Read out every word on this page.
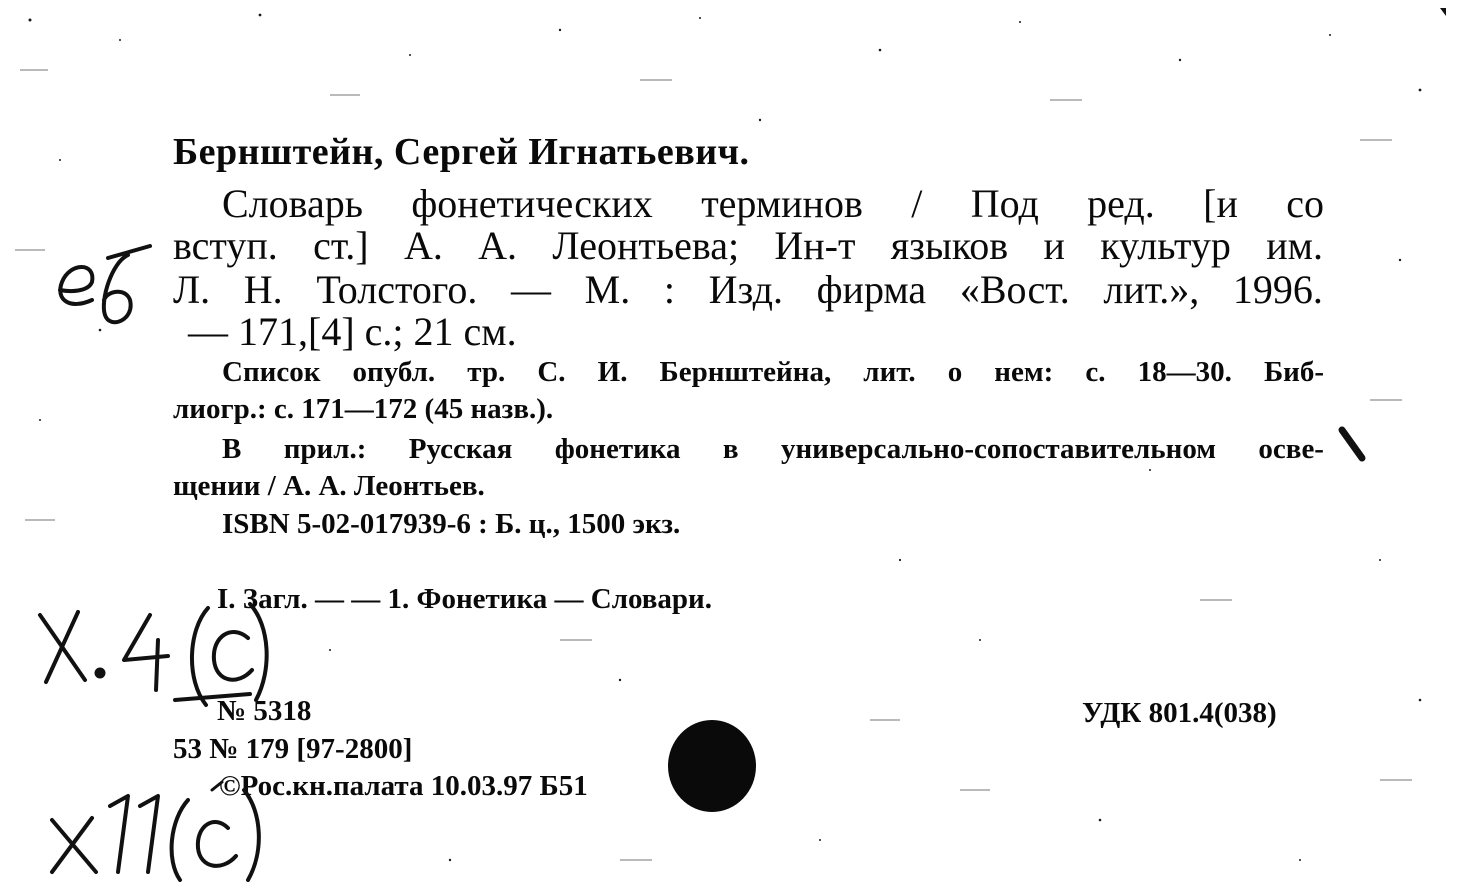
Бернштейн, Сергей Игнатьевич.
Словарь фонетических терминов / Под ред. [и со
вступ. ст.] А. А. Леонтьева; Ин-т языков и культур им.
Л. Н. Толстого. — М. : Изд. фирма «Вост. лит.», 1996.
— 171,[4] с.; 21 см.
Список опубл. тр. С. И. Бернштейна, лит. о нем: с. 18—30. Биб-
лиогр.: с. 171—172 (45 назв.).
В прил.: Русская фонетика в универсально-сопоставительном осве-
щении / А. А. Леонтьев.
ISBN 5-02-017939-6 : Б. ц., 1500 экз.
I. Загл. — — 1. Фонетика — Словари.
№ 5318
53 № 179 [97-2800]
©Рос.кн.палата 10.03.97 Б51
УДК 801.4(038)
